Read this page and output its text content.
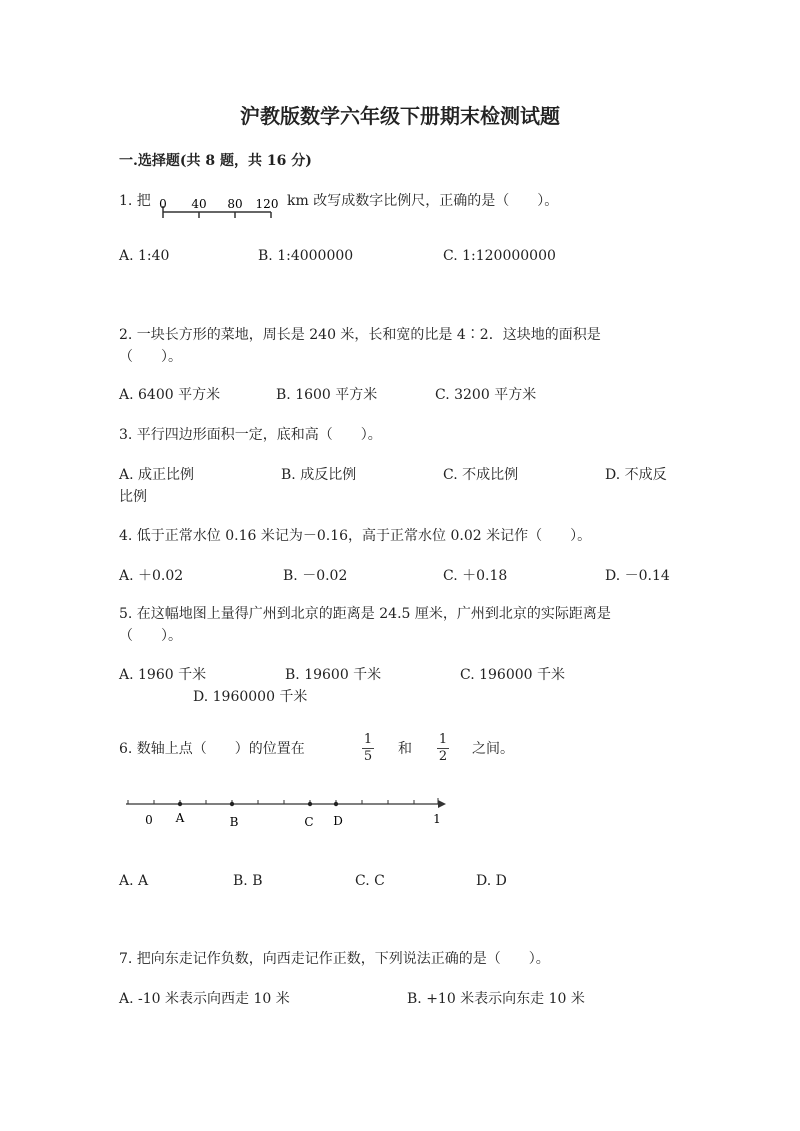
沪教版数学六年级下册期末检测试题
一.选择题(共 8 题，共 16 分)
1. 把 0 40 80 120 km 改写成数字比例尺，正确的是（　　）。
A. 1:40	B. 1:4000000	C. 1:120000000
2. 一块长方形的菜地，周长是 240 米，长和宽的比是 4∶2．这块地的面积是
（　　）。
A. 6400 平方米	B. 1600 平方米	C. 3200 平方米
3. 平行四边形面积一定，底和高（　　）。
A. 成正比例	B. 成反比例	C. 不成比例	D. 不成反
比例
4. 低于正常水位 0.16 米记为－0.16，高于正常水位 0.02 米记作（　　）。
A. ＋0.02	B. －0.02	C. ＋0.18	D. －0.14
5. 在这幅地图上量得广州到北京的距离是 24.5 厘米，广州到北京的实际距离是
（　　）。
A. 1960 千米	B. 19600 千米	C. 196000 千米
D. 1960000 千米
6. 数轴上点（　　）的位置在
1
5 和
1
2 之间。
0 A	B	C D	1
A. A	B. B	C. C	D. D
7. 把向东走记作负数，向西走记作正数，下列说法正确的是（　　）。
A. -10 米表示向西走 10 米	B. +10 米表示向东走 10 米
